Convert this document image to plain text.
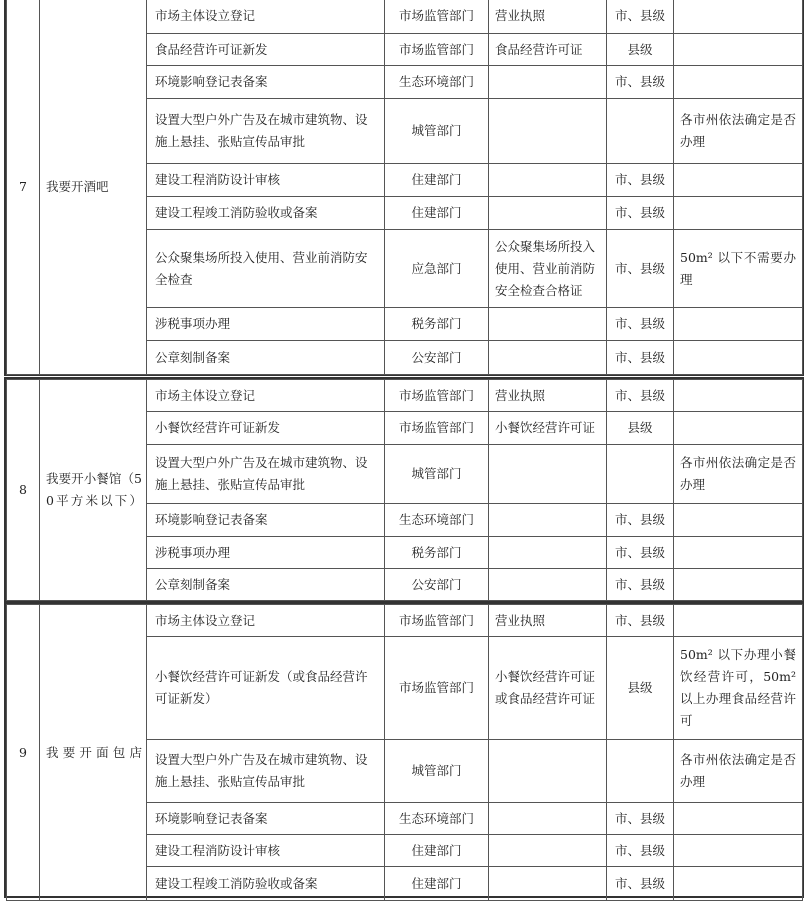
7	我要开酒吧	市场主体设立登记	市场监管部门	营业执照	市、县级	
		食品经营许可证新发	市场监管部门	食品经营许可证	县级	
		环境影响登记表备案	生态环境部门		市、县级	
		设置大型户外广告及在城市建筑物、设施上悬挂、张贴宣传品审批	城管部门			各市州依法确定是否办理
		建设工程消防设计审核	住建部门		市、县级	
		建设工程竣工消防验收或备案	住建部门		市、县级	
		公众聚集场所投入使用、营业前消防安全检查	应急部门	公众聚集场所投入使用、营业前消防安全检查合格证	市、县级	50m² 以下不需要办理
		涉税事项办理	税务部门		市、县级	
		公章刻制备案	公安部门		市、县级	
8	我要开小餐馆（50平方米以下）	市场主体设立登记	市场监管部门	营业执照	市、县级	
		小餐饮经营许可证新发	市场监管部门	小餐饮经营许可证	县级	
		设置大型户外广告及在城市建筑物、设施上悬挂、张贴宣传品审批	城管部门			各市州依法确定是否办理
		环境影响登记表备案	生态环境部门		市、县级	
		涉税事项办理	税务部门		市、县级	
		公章刻制备案	公安部门		市、县级	
9	我要开面包店	市场主体设立登记	市场监管部门	营业执照	市、县级	
		小餐饮经营许可证新发（或食品经营许可证新发）	市场监管部门	小餐饮经营许可证或食品经营许可证	县级	50m² 以下办理小餐饮经营许可，50m² 以上办理食品经营许可
		设置大型户外广告及在城市建筑物、设施上悬挂、张贴宣传品审批	城管部门			各市州依法确定是否办理
		环境影响登记表备案	生态环境部门		市、县级	
		建设工程消防设计审核	住建部门		市、县级	
		建设工程竣工消防验收或备案	住建部门		市、县级	
